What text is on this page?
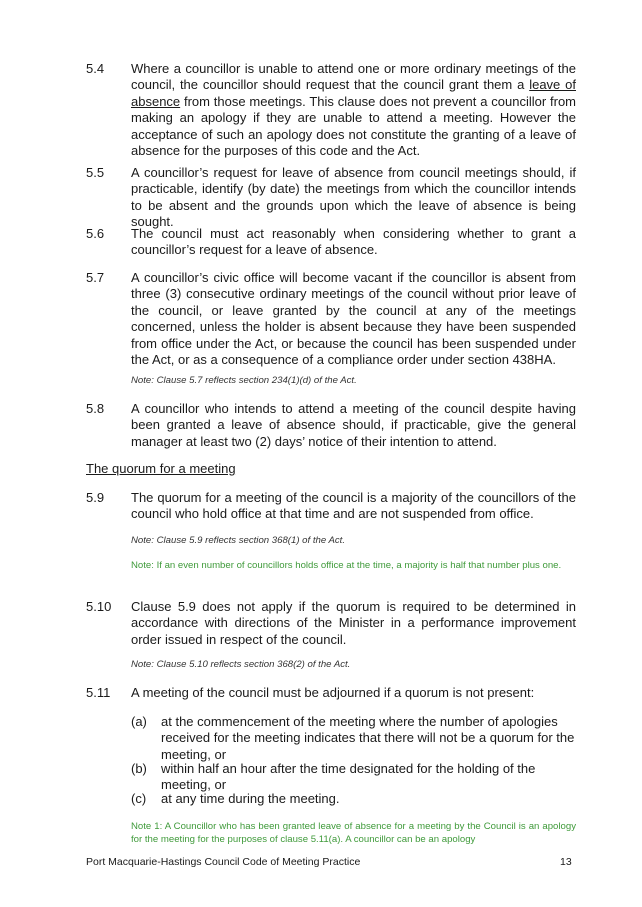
5.4 Where a councillor is unable to attend one or more ordinary meetings of the council, the councillor should request that the council grant them a leave of absence from those meetings. This clause does not prevent a councillor from making an apology if they are unable to attend a meeting. However the acceptance of such an apology does not constitute the granting of a leave of absence for the purposes of this code and the Act.
5.5 A councillor’s request for leave of absence from council meetings should, if practicable, identify (by date) the meetings from which the councillor intends to be absent and the grounds upon which the leave of absence is being sought.
5.6 The council must act reasonably when considering whether to grant a councillor’s request for a leave of absence.
5.7 A councillor’s civic office will become vacant if the councillor is absent from three (3) consecutive ordinary meetings of the council without prior leave of the council, or leave granted by the council at any of the meetings concerned, unless the holder is absent because they have been suspended from office under the Act, or because the council has been suspended under the Act, or as a consequence of a compliance order under section 438HA.
Note: Clause 5.7 reflects section 234(1)(d) of the Act.
5.8 A councillor who intends to attend a meeting of the council despite having been granted a leave of absence should, if practicable, give the general manager at least two (2) days’ notice of their intention to attend.
The quorum for a meeting
5.9 The quorum for a meeting of the council is a majority of the councillors of the council who hold office at that time and are not suspended from office.
Note: Clause 5.9 reflects section 368(1) of the Act.
Note: If an even number of councillors holds office at the time, a majority is half that number plus one.
5.10 Clause 5.9 does not apply if the quorum is required to be determined in accordance with directions of the Minister in a performance improvement order issued in respect of the council.
Note: Clause 5.10 reflects section 368(2) of the Act.
5.11 A meeting of the council must be adjourned if a quorum is not present:
(a) at the commencement of the meeting where the number of apologies received for the meeting indicates that there will not be a quorum for the meeting, or
(b) within half an hour after the time designated for the holding of the meeting, or
(c) at any time during the meeting.
Note 1: A Councillor who has been granted leave of absence for a meeting by the Council is an apology for the meeting for the purposes of clause 5.11(a). A councillor can be an apology
Port Macquarie-Hastings Council Code of Meeting Practice	13
